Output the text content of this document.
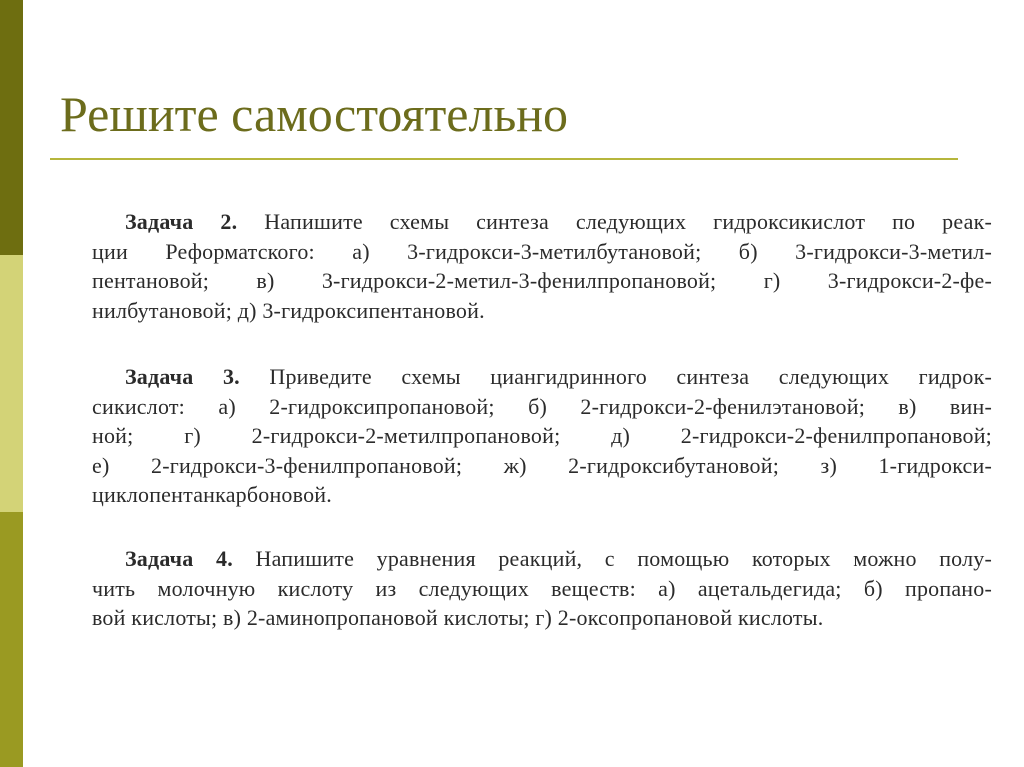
Решите самостоятельно
Задача 2. Напишите схемы синтеза следующих гидроксикислот по реак-
ции Реформатского: а) 3-гидрокси-3-метилбутановой; б) 3-гидрокси-3-метил-
пентановой; в) 3-гидрокси-2-метил-3-фенилпропановой; г) 3-гидрокси-2-фе-
нилбутановой; д) 3-гидроксипентановой.
Задача 3. Приведите схемы циангидринного синтеза следующих гидрок-
сикислот: а) 2-гидроксипропановой; б) 2-гидрокси-2-фенилэтановой; в) вин-
ной; г) 2-гидрокси-2-метилпропановой; д) 2-гидрокси-2-фенилпропановой;
е) 2-гидрокси-3-фенилпропановой; ж) 2-гидроксибутановой; з) 1-гидрокси-
циклопентанкарбоновой.
Задача 4. Напишите уравнения реакций, с помощью которых можно полу-
чить молочную кислоту из следующих веществ: а) ацетальдегида; б) пропано-
вой кислоты; в) 2-аминопропановой кислоты; г) 2-оксопропановой кислоты.
